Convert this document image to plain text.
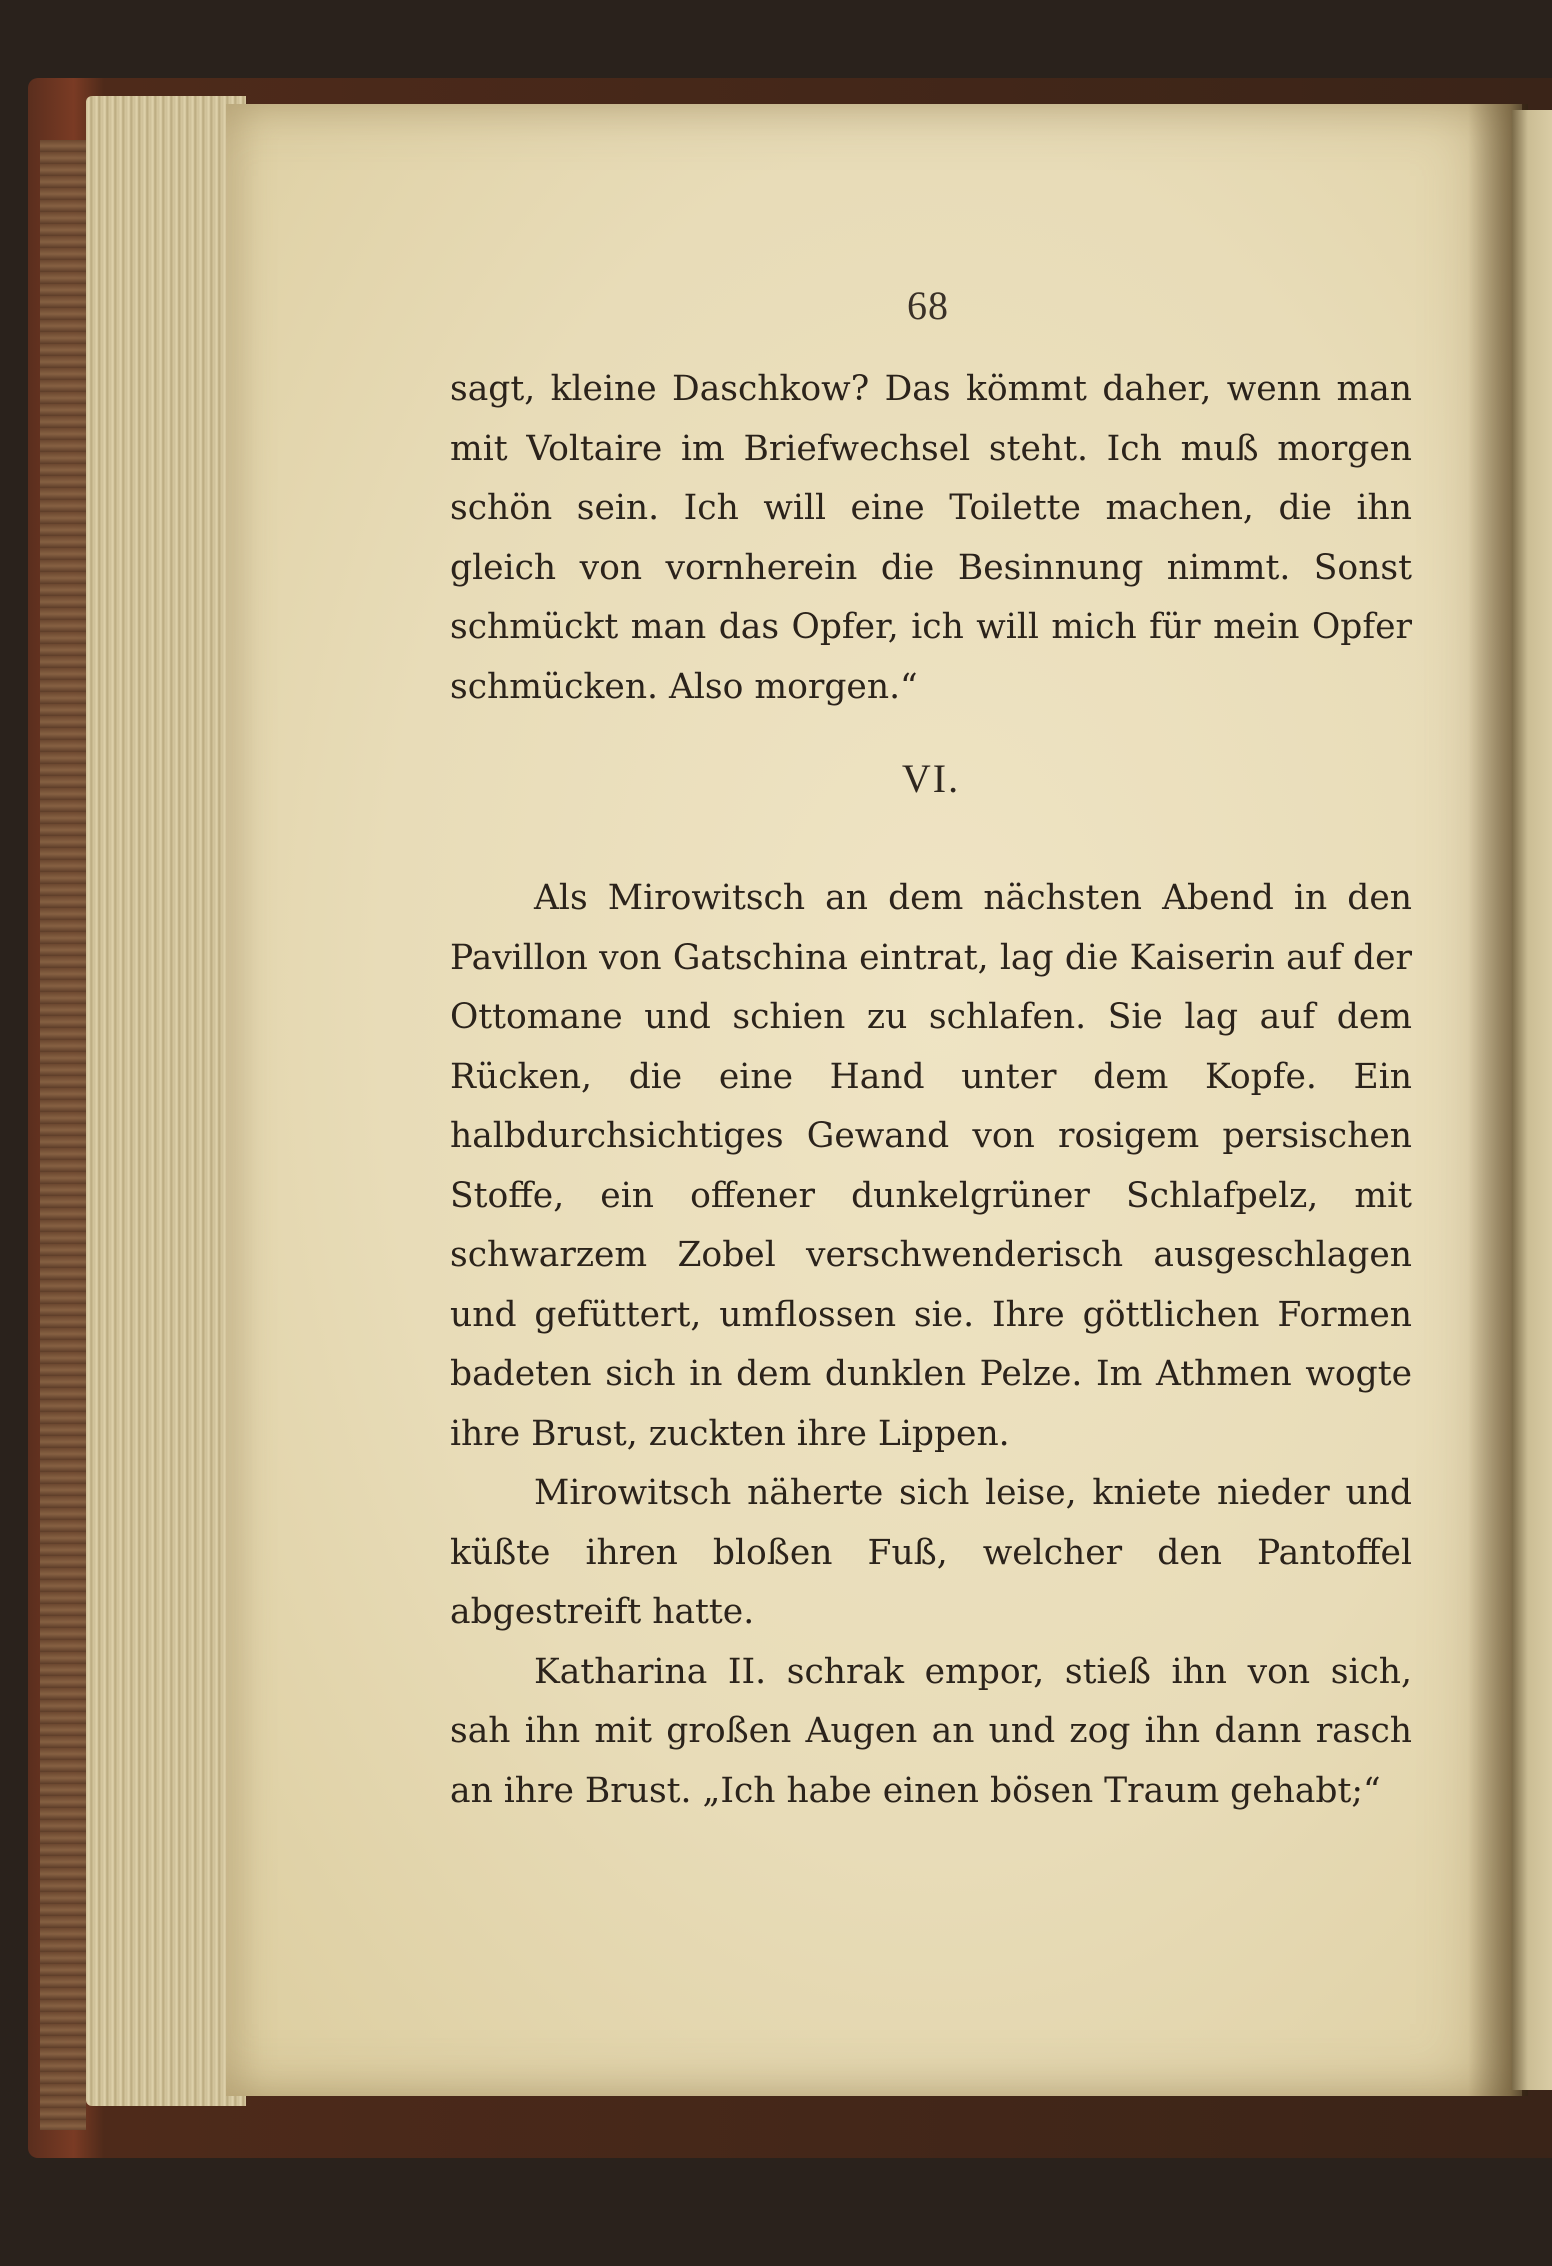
68

sagt, kleine Daschkow? Das kömmt daher, wenn man mit Voltaire im Briefwechsel steht. Ich muß morgen schön sein. Ich will eine Toilette machen, die ihn gleich von vornherein die Besinnung nimmt. Sonst schmückt man das Opfer, ich will mich für mein Opfer schmücken. Also morgen.“

VI.

Als Mirowitsch an dem nächsten Abend in den Pavillon von Gatschina eintrat, lag die Kaiserin auf der Ottomane und schien zu schlafen. Sie lag auf dem Rücken, die eine Hand unter dem Kopfe. Ein halbdurchsichtiges Gewand von rosigem persischen Stoffe, ein offener dunkelgrüner Schlafpelz, mit schwarzem Zobel verschwenderisch ausgeschlagen und gefüttert, umflossen sie. Ihre göttlichen Formen badeten sich in dem dunklen Pelze. Im Athmen wogte ihre Brust, zuckten ihre Lippen.

Mirowitsch näherte sich leise, kniete nieder und küßte ihren bloßen Fuß, welcher den Pantoffel abgestreift hatte.

Katharina II. schrak empor, stieß ihn von sich, sah ihn mit großen Augen an und zog ihn dann rasch an ihre Brust. „Ich habe einen bösen Traum gehabt;“
